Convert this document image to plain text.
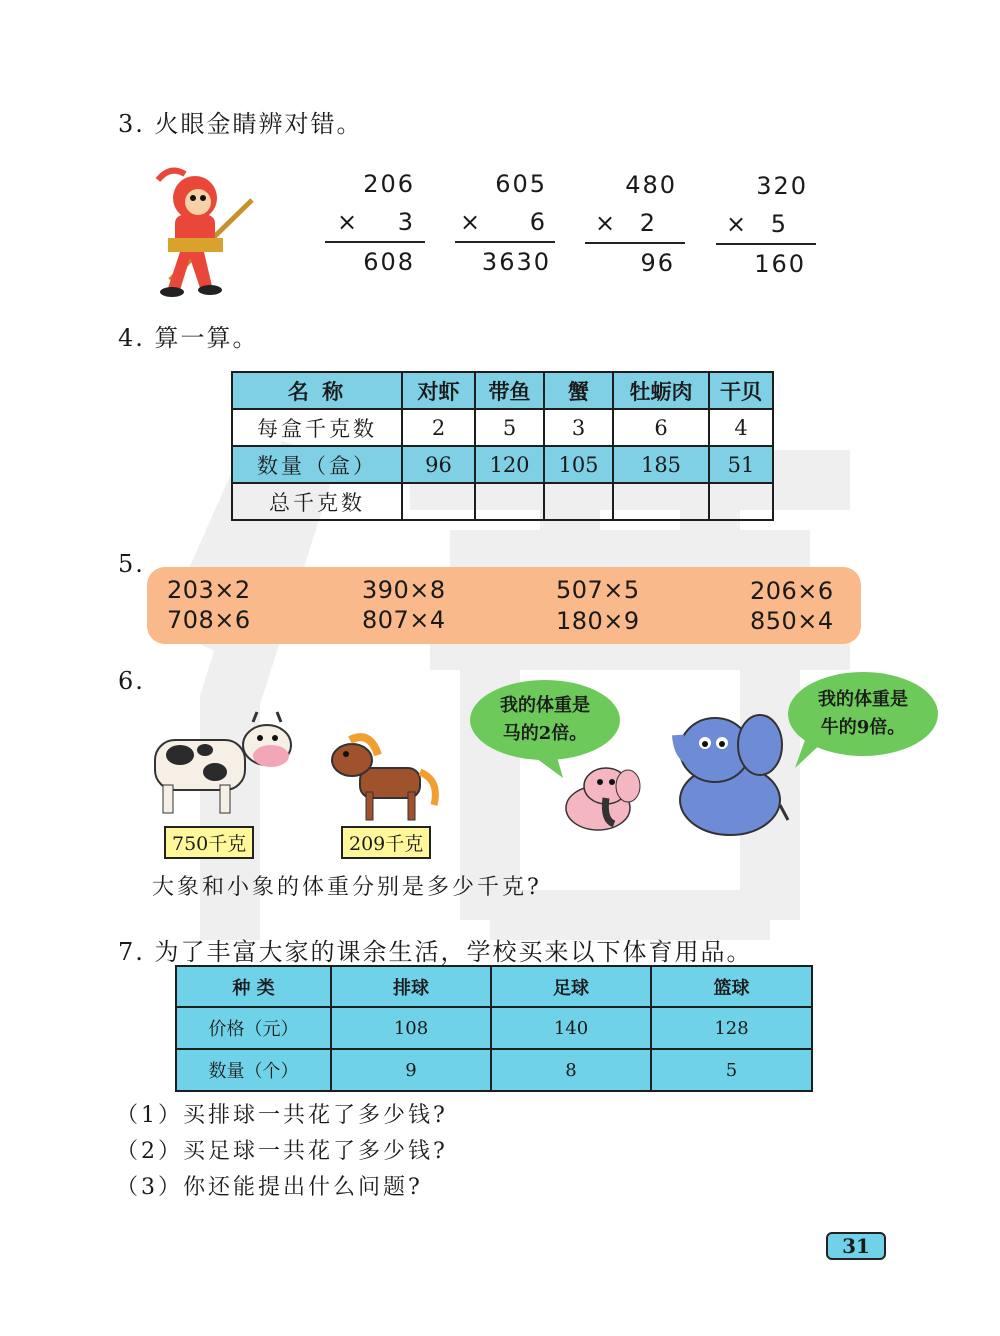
3. 火眼金睛辨对错。
206
× 3
608
605
× 6
3630
480
× 2
96
320
× 5
160
4. 算一算。
名 称	对虾	带鱼	蟹	牡蛎肉	干贝
每盒千克数	2	5	3	6	4
数量（盒）	96	120	105	185	51
总千克数					
5.
203×2	390×8	507×5	206×6
708×6	807×4	180×9	850×4
6.
750千克	209千克
我的体重是
马的2倍。
我的体重是
牛的9倍。
大象和小象的体重分别是多少千克?
7. 为了丰富大家的课余生活，学校买来以下体育用品。
种 类	排球	足球	篮球
价格（元）	108	140	128
数量（个）	9	8	5
（1）买排球一共花了多少钱?
（2）买足球一共花了多少钱?
（3）你还能提出什么问题?
31
